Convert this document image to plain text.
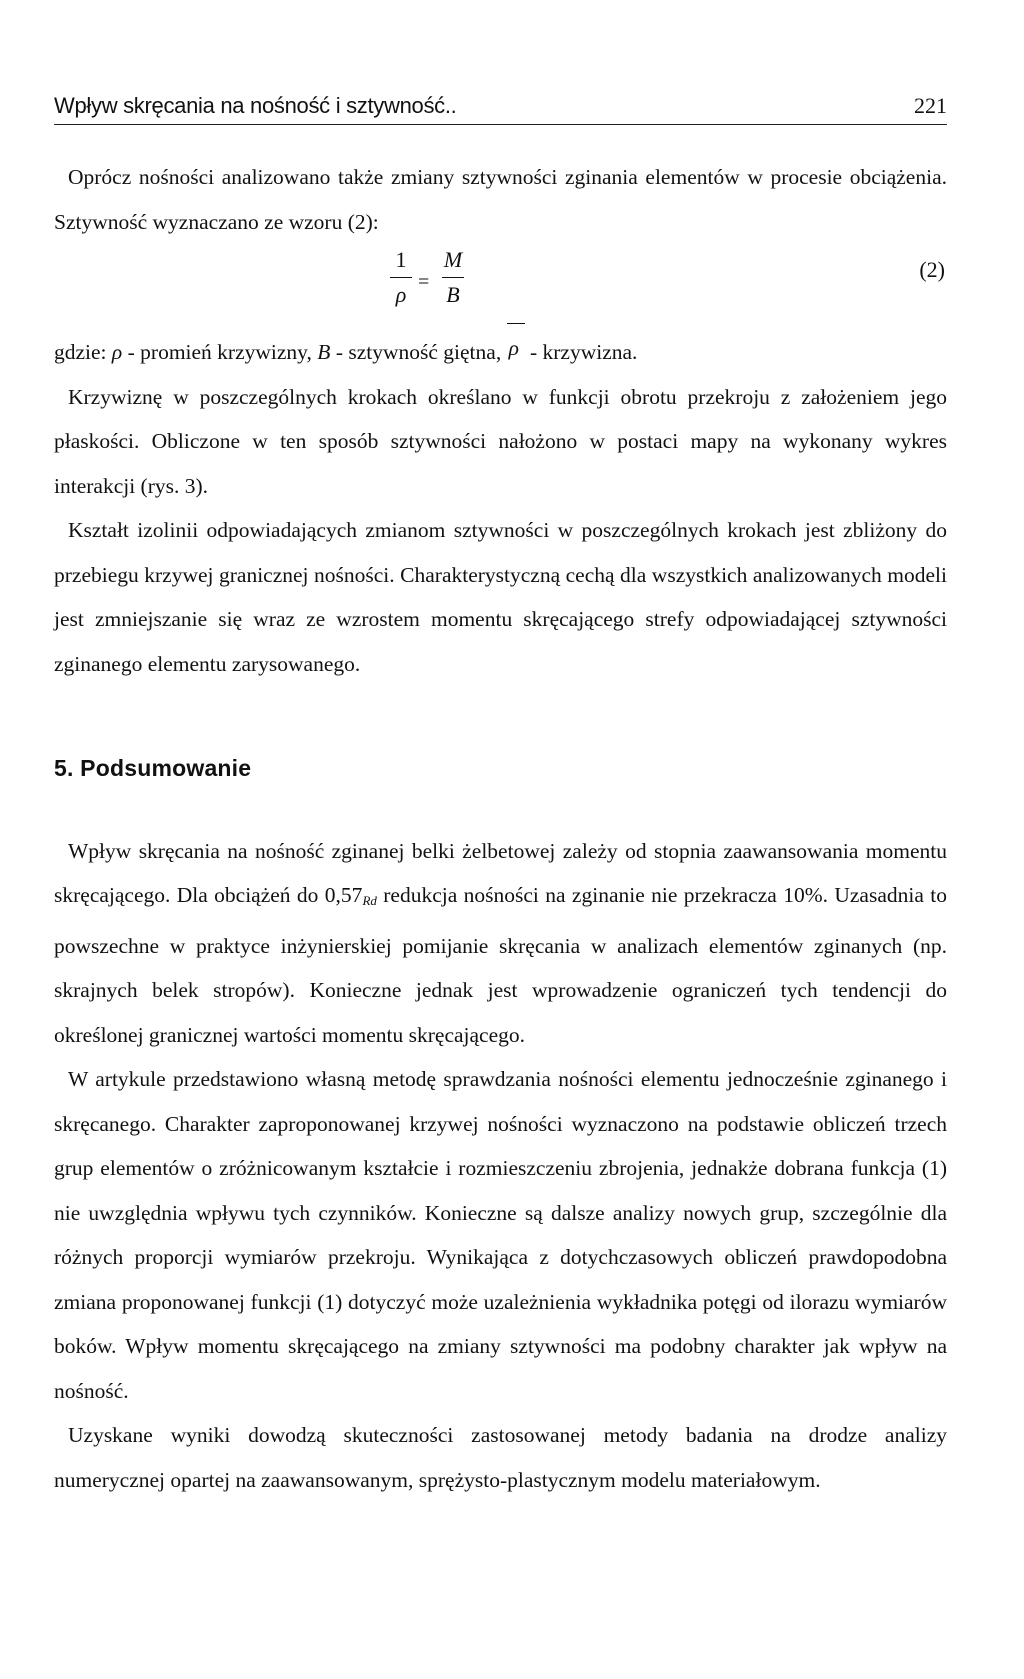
Wpływ skręcania na nośność i sztywność..	221

Oprócz nośności analizowano także zmiany sztywności zginania elementów w procesie obciążenia. Sztywność wyznaczano ze wzoru (2):

1
ρ =
M
B
(2)
gdzie: ρ - promień krzywizny, B - sztywność giętna, ρ - krzywizna.

Krzywiznę w poszczególnych krokach określano w funkcji obrotu przekroju z założeniem jego płaskości. Obliczone w ten sposób sztywności nałożono w postaci mapy na wykonany wykres interakcji (rys. 3).

Kształt izolinii odpowiadających zmianom sztywności w poszczególnych krokach jest zbliżony do przebiegu krzywej granicznej nośności. Charakterystyczną cechą dla wszystkich analizowanych modeli jest zmniejszanie się wraz ze wzrostem momentu skręcającego strefy odpowiadającej sztywności zginanego elementu zarysowanego.

5. Podsumowanie

Wpływ skręcania na nośność zginanej belki żelbetowej zależy od stopnia zaawansowania momentu skręcającego. Dla obciążeń do 0,57Rd redukcja nośności na zginanie nie przekracza 10%. Uzasadnia to powszechne w praktyce inżynierskiej pomijanie skręcania w analizach elementów zginanych (np. skrajnych belek stropów). Konieczne jednak jest wprowadzenie ograniczeń tych tendencji do określonej granicznej wartości momentu skręcającego.

W artykule przedstawiono własną metodę sprawdzania nośności elementu jednocześnie zginanego i skręcanego. Charakter zaproponowanej krzywej nośności wyznaczono na podstawie obliczeń trzech grup elementów o zróżnicowanym kształcie i rozmieszczeniu zbrojenia, jednakże dobrana funkcja (1) nie uwzględnia wpływu tych czynników. Konieczne są dalsze analizy nowych grup, szczególnie dla różnych proporcji wymiarów przekroju. Wynikająca z dotychczasowych obliczeń prawdopodobna zmiana proponowanej funkcji (1) dotyczyć może uzależnienia wykładnika potęgi od ilorazu wymiarów boków. Wpływ momentu skręcającego na zmiany sztywności ma podobny charakter jak wpływ na nośność.

Uzyskane wyniki dowodzą skuteczności zastosowanej metody badania na drodze analizy numerycznej opartej na zaawansowanym, sprężysto-plastycznym modelu materiałowym.
